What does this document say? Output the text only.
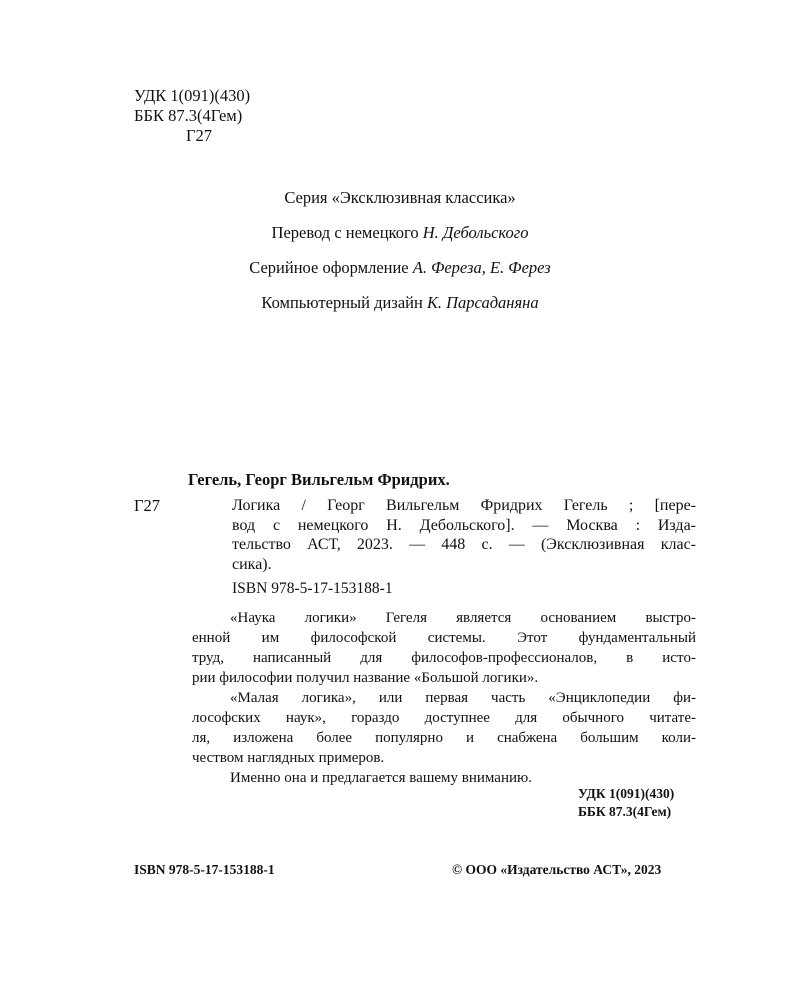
УДК 1(091)(430)
ББК 87.3(4Гем)
Г27
Серия «Эксклюзивная классика»
Перевод с немецкого Н. Дебольского
Серийное оформление А. Фереза, Е. Ферез
Компьютерный дизайн К. Парсаданяна
Гегель, Георг Вильгельм Фридрих.
Г27	Логика / Георг Вильгельм Фридрих Гегель ; [пере-
вод с немецкого Н. Дебольского]. — Москва : Изда-
тельство АСТ, 2023. — 448 с. — (Эксклюзивная клас-
сика).
ISBN 978-5-17-153188-1
«Наука логики» Гегеля является основанием выстро-
енной им философской системы. Этот фундаментальный
труд, написанный для философов-профессионалов, в истo-
рии философии получил название «Большой логики».
«Малая логика», или первая часть «Энциклопедии фи-
лософских наук», гораздо доступнее для обычного читате-
ля, изложена более популярно и снабжена большим коли-
чеством наглядных примеров.
Именно она и предлагается вашему вниманию.
УДК 1(091)(430)
ББК 87.3(4Гем)
ISBN 978-5-17-153188-1	© ООО «Издательство АСТ», 2023
